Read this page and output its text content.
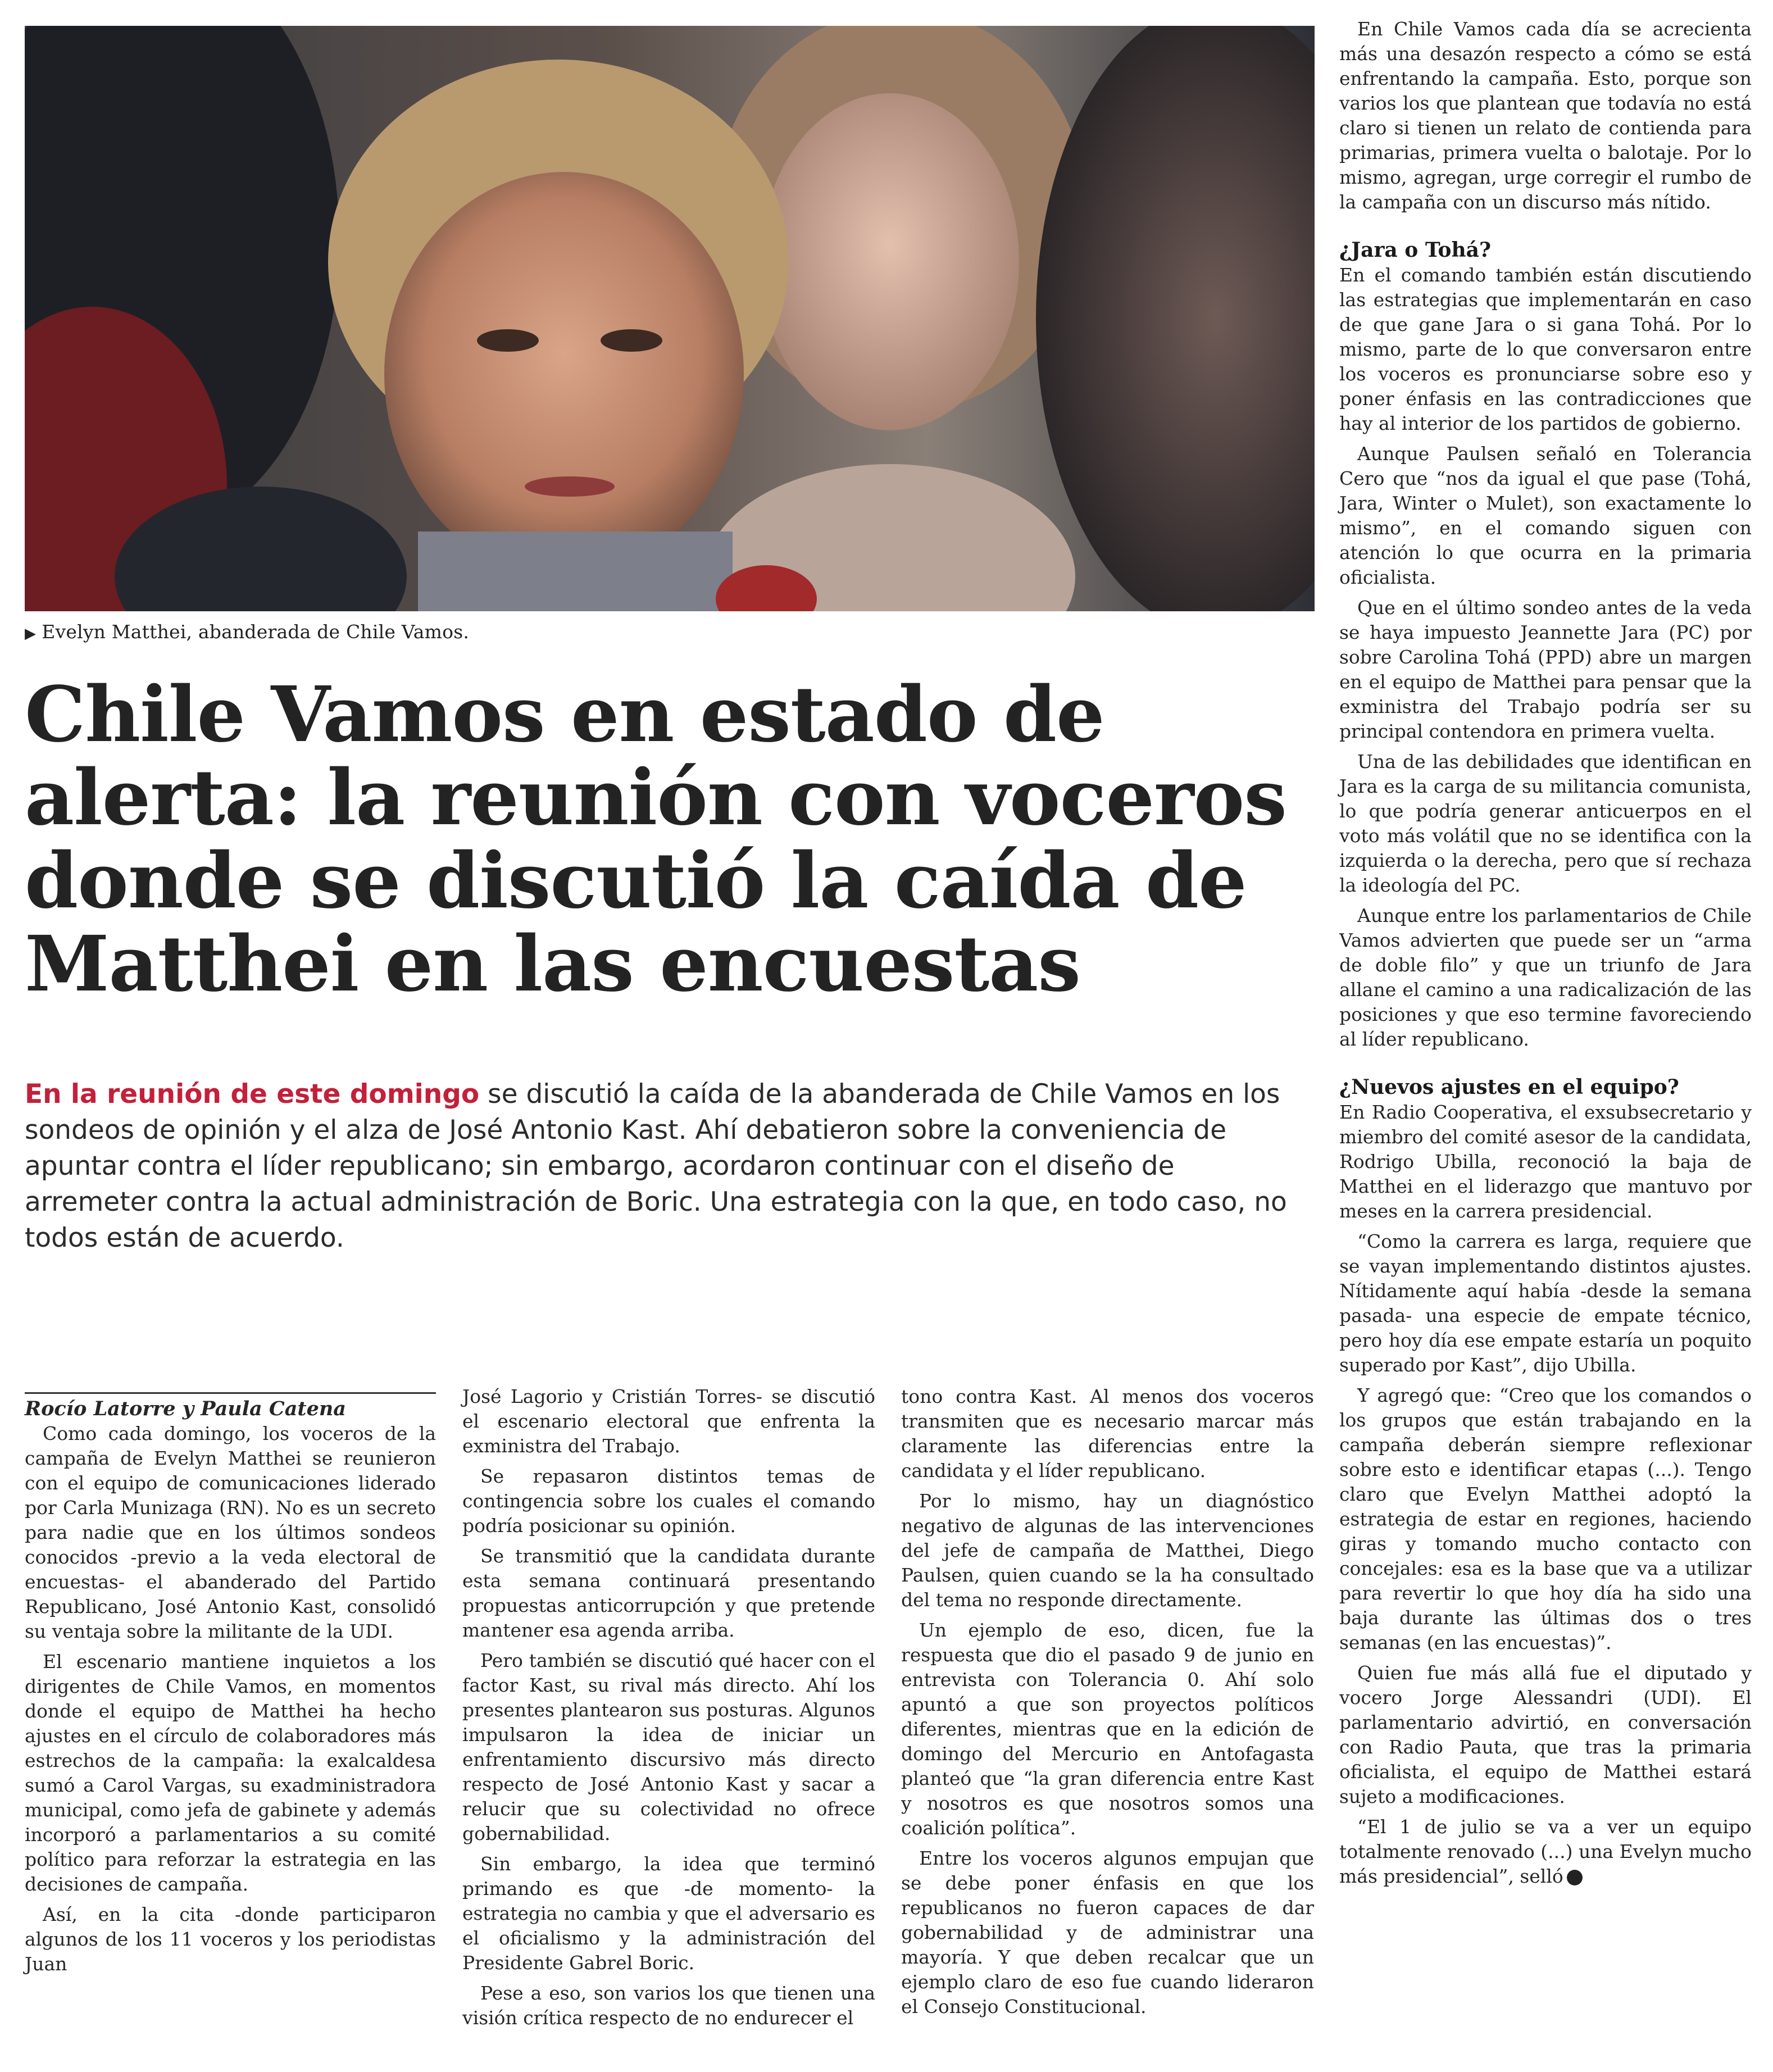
▶ Evelyn Matthei, abanderada de Chile Vamos.
Chile Vamos en estado de alerta: la reunión con voceros donde se discutió la caída de Matthei en las encuestas
En la reunión de este domingo se discutió la caída de la abanderada de Chile Vamos en los sondeos de opinión y el alza de José Antonio Kast. Ahí debatieron sobre la conveniencia de apuntar contra el líder republicano; sin embargo, acordaron continuar con el diseño de arremeter contra la actual administración de Boric. Una estrategia con la que, en todo caso, no todos están de acuerdo.

Rocío Latorre y Paula Catena

Como cada domingo, los voceros de la campaña de Evelyn Matthei se reunieron con el equipo de comunicaciones liderado por Carla Munizaga (RN). No es un secreto para nadie que en los últimos sondeos conocidos -previo a la veda electoral de encuestas- el abanderado del Partido Republicano, José Antonio Kast, consolidó su ventaja sobre la militante de la UDI.

El escenario mantiene inquietos a los dirigentes de Chile Vamos, en momentos donde el equipo de Matthei ha hecho ajustes en el círculo de colaboradores más estrechos de la campaña: la exalcaldesa sumó a Carol Vargas, su exadministradora municipal, como jefa de gabinete y además incorporó a parlamentarios a su comité político para reforzar la estrategia en las decisiones de campaña.

Así, en la cita -donde participaron algunos de los 11 voceros y los periodistas Juan

José Lagorio y Cristián Torres- se discutió el escenario electoral que enfrenta la exministra del Trabajo.

Se repasaron distintos temas de contingencia sobre los cuales el comando podría posicionar su opinión.

Se transmitió que la candidata durante esta semana continuará presentando propuestas anticorrupción y que pretende mantener esa agenda arriba.

Pero también se discutió qué hacer con el factor Kast, su rival más directo. Ahí los presentes plantearon sus posturas. Algunos impulsaron la idea de iniciar un enfrentamiento discursivo más directo respecto de José Antonio Kast y sacar a relucir que su colectividad no ofrece gobernabilidad.

Sin embargo, la idea que terminó primando es que -de momento- la estrategia no cambia y que el adversario es el oficialismo y la administración del Presidente Gabrel Boric.

Pese a eso, son varios los que tienen una visión crítica respecto de no endurecer el

tono contra Kast. Al menos dos voceros transmiten que es necesario marcar más claramente las diferencias entre la candidata y el líder republicano.

Por lo mismo, hay un diagnóstico negativo de algunas de las intervenciones del jefe de campaña de Matthei, Diego Paulsen, quien cuando se la ha consultado del tema no responde directamente.

Un ejemplo de eso, dicen, fue la respuesta que dio el pasado 9 de junio en entrevista con Tolerancia 0. Ahí solo apuntó a que son proyectos políticos diferentes, mientras que en la edición de domingo del Mercurio en Antofagasta planteó que “la gran diferencia entre Kast y nosotros es que nosotros somos una coalición política”.

Entre los voceros algunos empujan que se debe poner énfasis en que los republicanos no fueron capaces de dar gobernabilidad y de administrar una mayoría. Y que deben recalcar que un ejemplo claro de eso fue cuando lideraron el Consejo Constitucional.

En Chile Vamos cada día se acrecienta más una desazón respecto a cómo se está enfrentando la campaña. Esto, porque son varios los que plantean que todavía no está claro si tienen un relato de contienda para primarias, primera vuelta o balotaje. Por lo mismo, agregan, urge corregir el rumbo de la campaña con un discurso más nítido.

¿Jara o Tohá?

En el comando también están discutiendo las estrategias que implementarán en caso de que gane Jara o si gana Tohá. Por lo mismo, parte de lo que conversaron entre los voceros es pronunciarse sobre eso y poner énfasis en las contradicciones que hay al interior de los partidos de gobierno.

Aunque Paulsen señaló en Tolerancia Cero que “nos da igual el que pase (Tohá, Jara, Winter o Mulet), son exactamente lo mismo”, en el comando siguen con atención lo que ocurra en la primaria oficialista.

Que en el último sondeo antes de la veda se haya impuesto Jeannette Jara (PC) por sobre Carolina Tohá (PPD) abre un margen en el equipo de Matthei para pensar que la exministra del Trabajo podría ser su principal contendora en primera vuelta.

Una de las debilidades que identifican en Jara es la carga de su militancia comunista, lo que podría generar anticuerpos en el voto más volátil que no se identifica con la izquierda o la derecha, pero que sí rechaza la ideología del PC.

Aunque entre los parlamentarios de Chile Vamos advierten que puede ser un “arma de doble filo” y que un triunfo de Jara allane el camino a una radicalización de las posiciones y que eso termine favoreciendo al líder republicano.

¿Nuevos ajustes en el equipo?

En Radio Cooperativa, el exsubsecretario y miembro del comité asesor de la candidata, Rodrigo Ubilla, reconoció la baja de Matthei en el liderazgo que mantuvo por meses en la carrera presidencial.

“Como la carrera es larga, requiere que se vayan implementando distintos ajustes. Nítidamente aquí había -desde la semana pasada- una especie de empate técnico, pero hoy día ese empate estaría un poquito superado por Kast”, dijo Ubilla.

Y agregó que: “Creo que los comandos o los grupos que están trabajando en la campaña deberán siempre reflexionar sobre esto e identificar etapas (...). Tengo claro que Evelyn Matthei adoptó la estrategia de estar en regiones, haciendo giras y tomando mucho contacto con concejales: esa es la base que va a utilizar para revertir lo que hoy día ha sido una baja durante las últimas dos o tres semanas (en las encuestas)”.

Quien fue más allá fue el diputado y vocero Jorge Alessandri (UDI). El parlamentario advirtió, en conversación con Radio Pauta, que tras la primaria oficialista, el equipo de Matthei estará sujeto a modificaciones.

“El 1 de julio se va a ver un equipo totalmente renovado (...) una Evelyn mucho más presidencial”, selló
